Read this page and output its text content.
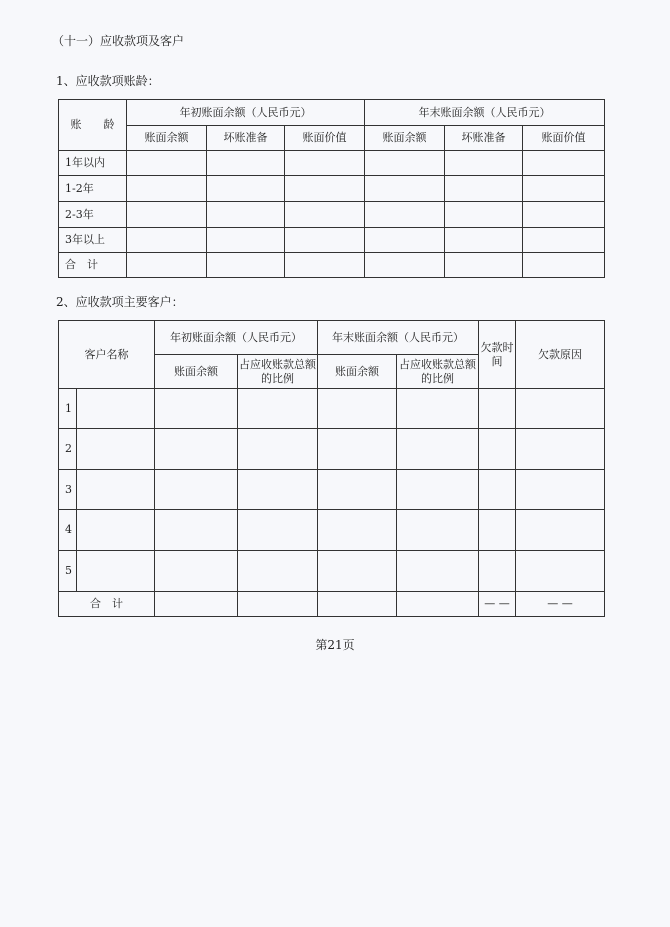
（十一）应收款项及客户
1、应收款项账龄：
账　　龄	年初账面余额（人民币元）			年末账面余额（人民币元）		
	账面余额	坏账准备	账面价值	账面余额	坏账准备	账面价值
1年以内						
1-2年						
2-3年						
3年以上						
合　计						
2、应收款项主要客户：
客户名称		年初账面余额（人民币元）		年末账面余额（人民币元）		欠款时间	欠款原因
		账面余额	占应收账款总额的比例	账面余额	占应收账款总额的比例		
1							
2							
3							
4							
5							
合　计						— —	— —
第21页
